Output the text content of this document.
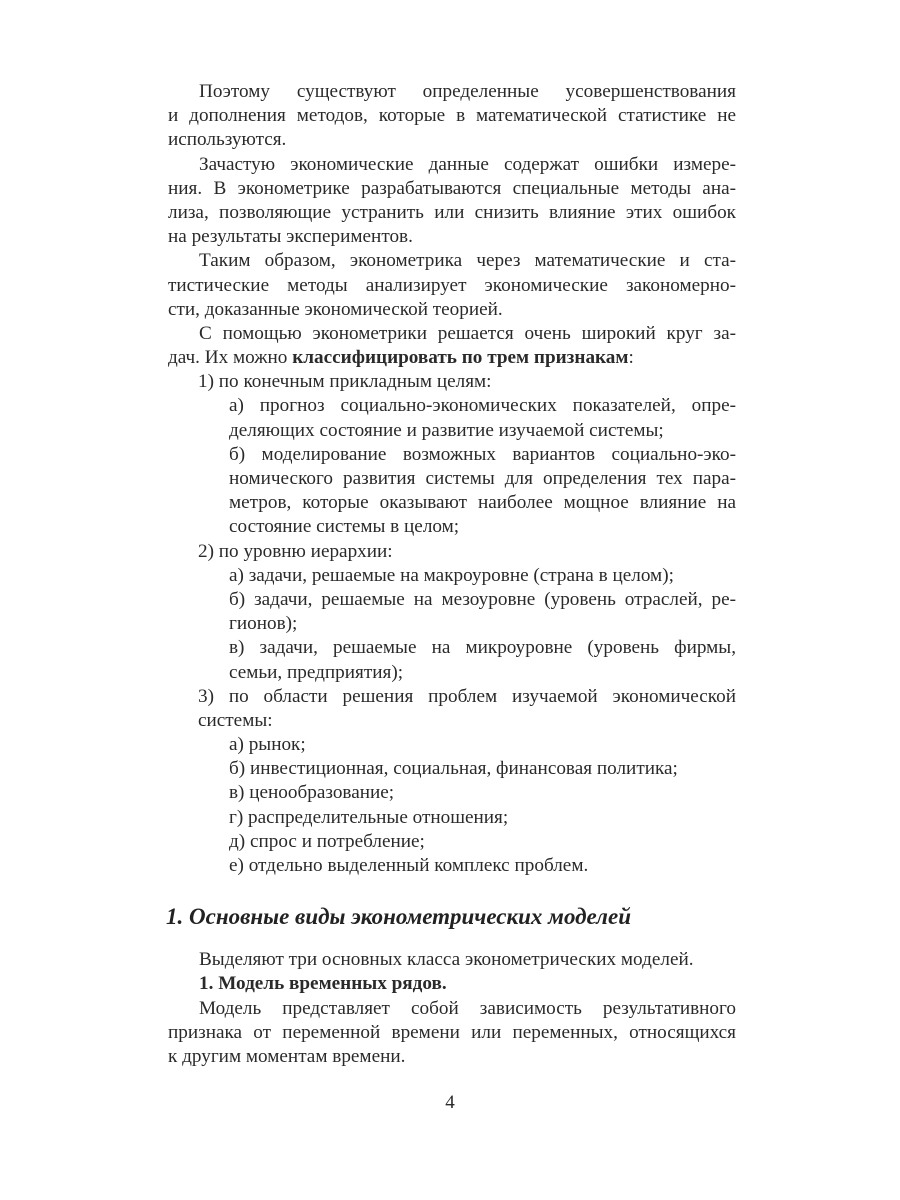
Поэтому существуют определенные усовершенствования
и дополнения методов, которые в математической статистике не
используются.
Зачастую экономические данные содержат ошибки измере-
ния. В эконометрике разрабатываются специальные методы ана-
лиза, позволяющие устранить или снизить влияние этих ошибок
на результаты экспериментов.
Таким образом, эконометрика через математические и ста-
тистические методы анализирует экономические закономерно-
сти, доказанные экономической теорией.
С помощью эконометрики решается очень широкий круг за-
дач. Их можно классифицировать по трем признакам:
1) по конечным прикладным целям:
а) прогноз социально-экономических показателей, опре-
деляющих состояние и развитие изучаемой системы;
б) моделирование возможных вариантов социально-эко-
номического развития системы для определения тех пара-
метров, которые оказывают наиболее мощное влияние на
состояние системы в целом;
2) по уровню иерархии:
а) задачи, решаемые на макроуровне (страна в целом);
б) задачи, решаемые на мезоуровне (уровень отраслей, ре-
гионов);
в) задачи, решаемые на микроуровне (уровень фирмы,
семьи, предприятия);
3) по области решения проблем изучаемой экономической
системы:
а) рынок;
б) инвестиционная, социальная, финансовая политика;
в) ценообразование;
г) распределительные отношения;
д) спрос и потребление;
е) отдельно выделенный комплекс проблем.
1. Основные виды эконометрических моделей
Выделяют три основных класса эконометрических моделей.
1. Модель временных рядов.
Модель представляет собой зависимость результативного
признака от переменной времени или переменных, относящихся
к другим моментам времени.
4
